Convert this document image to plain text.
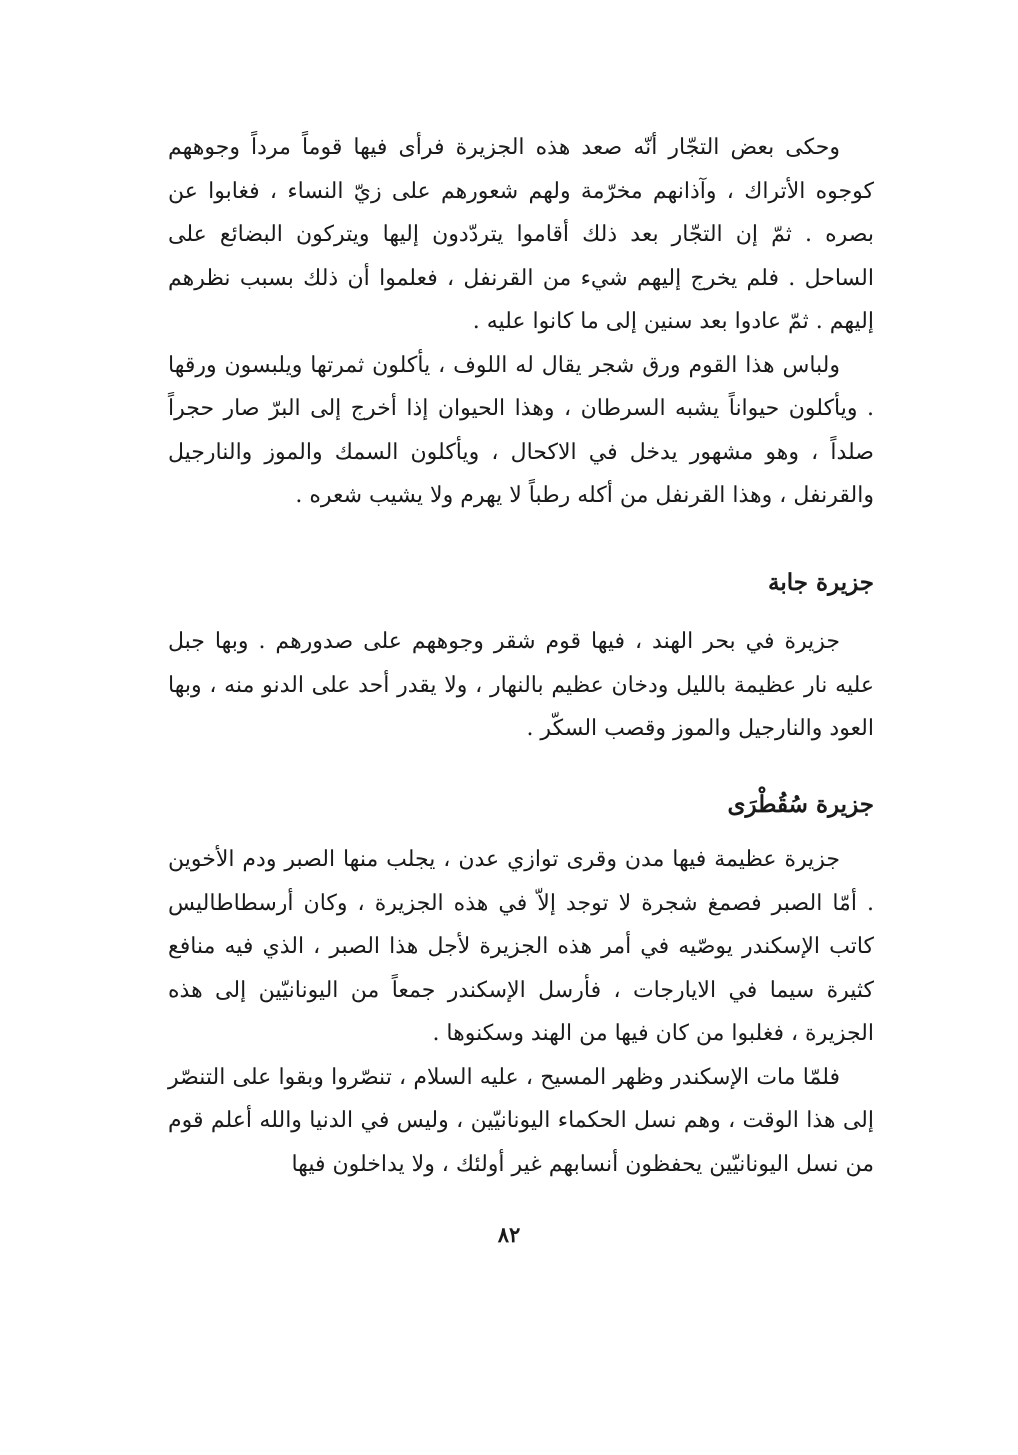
وحكى بعض التجّار أنّه صعد هذه الجزيرة فرأى فيها قوماً مرداً وجوههم كوجوه الأتراك ، وآذانهم مخرّمة ولهم شعورهم على زيّ النساء ، فغابوا عن بصره . ثمّ إن التجّار بعد ذلك أقاموا يتردّدون إليها ويتركون البضائع على الساحل . فلم يخرج إليهم شيء من القرنفل ، فعلموا أن ذلك بسبب نظرهم إليهم . ثمّ عادوا بعد سنين إلى ما كانوا عليه .

ولباس هذا القوم ورق شجر يقال له اللوف ، يأكلون ثمرتها ويلبسون ورقها . ويأكلون حيواناً يشبه السرطان ، وهذا الحيوان إذا أخرج إلى البرّ صار حجراً صلداً ، وهو مشهور يدخل في الاكحال ، ويأكلون السمك والموز والنارجيل والقرنفل ، وهذا القرنفل من أكله رطباً لا يهرم ولا يشيب شعره .

جزيرة جابة

جزيرة في بحر الهند ، فيها قوم شقر وجوههم على صدورهم . وبها جبل عليه نار عظيمة بالليل ودخان عظيم بالنهار ، ولا يقدر أحد على الدنو منه ، وبها العود والنارجيل والموز وقصب السكّر .

جزيرة سُقُطْرَى

جزيرة عظيمة فيها مدن وقرى توازي عدن ، يجلب منها الصبر ودم الأخوين . أمّا الصبر فصمغ شجرة لا توجد إلاّ في هذه الجزيرة ، وكان أرسطاطاليس كاتب الإسكندر يوصّيه في أمر هذه الجزيرة لأجل هذا الصبر ، الذي فيه منافع كثيرة سيما في الايارجات ، فأرسل الإسكندر جمعاً من اليونانيّين إلى هذه الجزيرة ، فغلبوا من كان فيها من الهند وسكنوها .

فلمّا مات الإسكندر وظهر المسيح ، عليه السلام ، تنصّروا وبقوا على التنصّر إلى هذا الوقت ، وهم نسل الحكماء اليونانيّين ، وليس في الدنيا والله أعلم قوم من نسل اليونانيّين يحفظون أنسابهم غير أولئك ، ولا يداخلون فيها

٨٢
